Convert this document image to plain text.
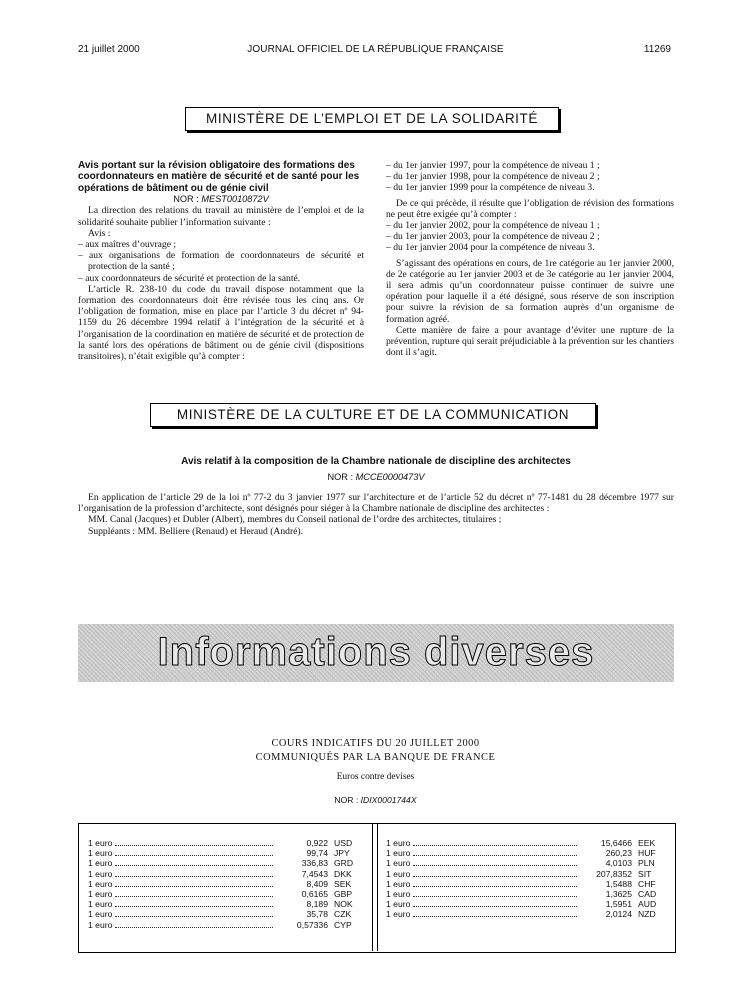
21 juillet 2000	JOURNAL OFFICIEL DE LA RÉPUBLIQUE FRANÇAISE	11269
MINISTÈRE DE L’EMPLOI ET DE LA SOLIDARITÉ

Avis portant sur la révision obligatoire des formations des coordonnateurs en matière de sécurité et de santé pour les opérations de bâtiment ou de génie civil

NOR : MEST0010872V

La direction des relations du travail au ministère de l’emploi et de la solidarité souhaite publier l’information suivante :

Avis :

– aux maîtres d’ouvrage ;

– aux organisations de formation de coordonnateurs de sécurité et protection de la santé ;

– aux coordonnateurs de sécurité et protection de la santé.

L’article R. 238-10 du code du travail dispose notamment que la formation des coordonnateurs doit être révisée tous les cinq ans. Or l’obligation de formation, mise en place par l’article 3 du décret nº 94-1159 du 26 décembre 1994 relatif à l’intégration de la sécurité et à l’organisation de la coordination en matière de sécurité et de protection de la santé lors des opérations de bâtiment ou de génie civil (dispositions transitoires), n’était exigible qu’à compter :

– du 1er janvier 1997, pour la compétence de niveau 1 ;

– du 1er janvier 1998, pour la compétence de niveau 2 ;

– du 1er janvier 1999 pour la compétence de niveau 3.

De ce qui précède, il résulte que l’obligation de révision des formations ne peut être exigée qu’à compter :

– du 1er janvier 2002, pour la compétence de niveau 1 ;

– du 1er janvier 2003, pour la compétence de niveau 2 ;

– du 1er janvier 2004 pour la compétence de niveau 3.

S’agissant des opérations en cours, de 1re catégorie au 1er janvier 2000, de 2e catégorie au 1er janvier 2003 et de 3e catégorie au 1er janvier 2004, il sera admis qu’un coordonnateur puisse continuer de suivre une opération pour laquelle il a été désigné, sous réserve de son inscription pour suivre la révision de sa formation auprès d’un organisme de formation agréé.

Cette manière de faire a pour avantage d’éviter une rupture de la prévention, rupture qui serait préjudiciable à la prévention sur les chantiers dont il s’agit.

MINISTÈRE DE LA CULTURE ET DE LA COMMUNICATION
Avis relatif à la composition de la Chambre nationale de discipline des architectes
NOR : MCCE0000473V

En application de l’article 29 de la loi nº 77-2 du 3 janvier 1977 sur l’architecture et de l’article 52 du décret nº 77-1481 du 28 décembre 1977 sur l’organisation de la profession d’architecte, sont désignés pour siéger à la Chambre nationale de discipline des architectes :

MM. Canal (Jacques) et Dubler (Albert), membres du Conseil national de l’ordre des architectes, titulaires ;

Suppléants : MM. Belliere (Renaud) et Heraud (André).

Informations diverses
COURS INDICATIFS DU 20 JUILLET 2000
COMMUNIQUÉS PAR LA BANQUE DE FRANCE
Euros contre devises
NOR : IDIX0001744X
1 euro	0,922 USD
1 euro	99,74 JPY
1 euro	336,83 GRD
1 euro	7,4543 DKK
1 euro	8,409 SEK
1 euro	0,6165 GBP
1 euro	8,189 NOK
1 euro	35,78 CZK
1 euro	0,57336 CYP
1 euro	15,6466 EEK
1 euro	260,23 HUF
1 euro	4,0103 PLN
1 euro	207,8352 SIT
1 euro	1,5488 CHF
1 euro	1,3625 CAD
1 euro	1,5951 AUD
1 euro	2,0124 NZD
